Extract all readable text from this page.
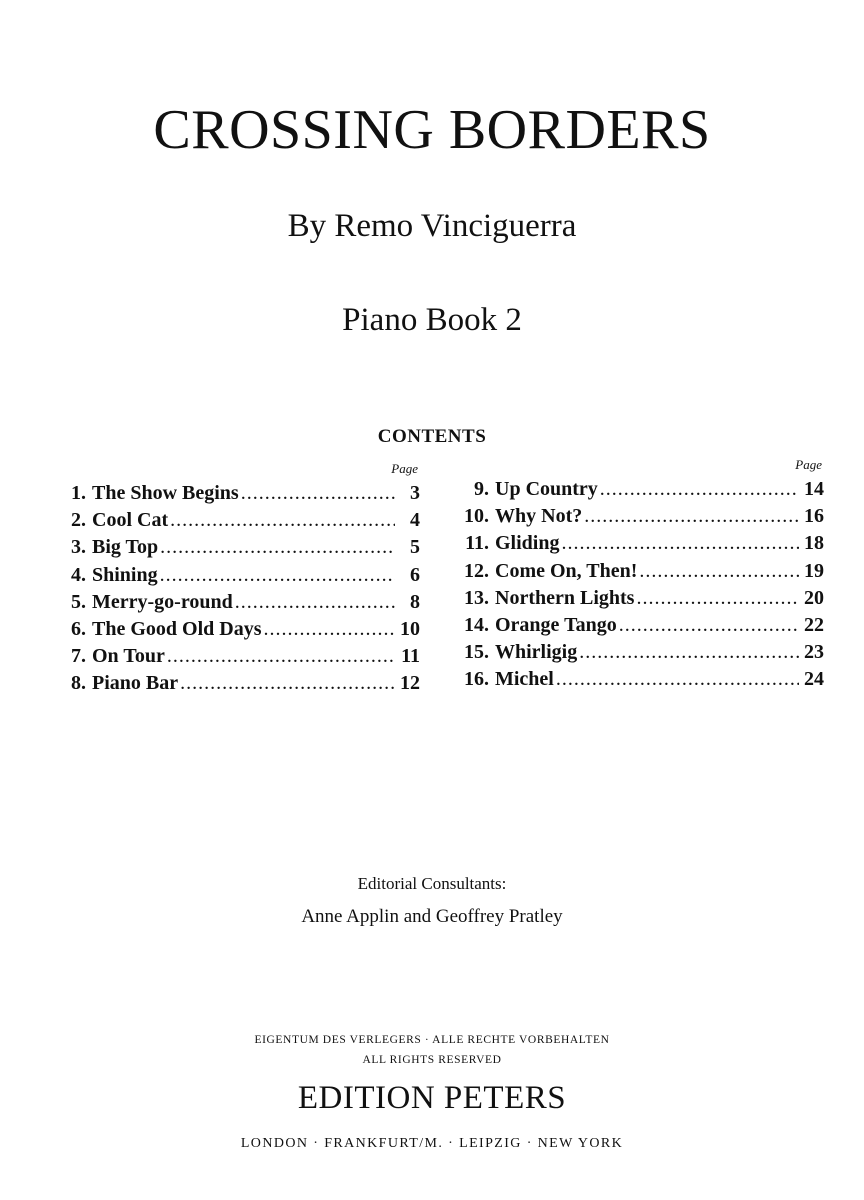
CROSSING BORDERS
By Remo Vinciguerra
Piano Book 2
CONTENTS
Page
1. The Show Begins .....	3
2. Cool Cat .....	4
3. Big Top .....	5
4. Shining .....	6
5. Merry-go-round .....	8
6. The Good Old Days .....	10
7. On Tour .....	11
8. Piano Bar .....	12
Page
9. Up Country .....	14
10. Why Not? .....	16
11. Gliding .....	18
12. Come On, Then! .....	19
13. Northern Lights .....	20
14. Orange Tango .....	22
15. Whirligig .....	23
16. Michel .....	24
Editorial Consultants:
Anne Applin and Geoffrey Pratley
EIGENTUM DES VERLEGERS · ALLE RECHTE VORBEHALTEN
ALL RIGHTS RESERVED
EDITION PETERS
LONDON · FRANKFURT/M. · LEIPZIG · NEW YORK
